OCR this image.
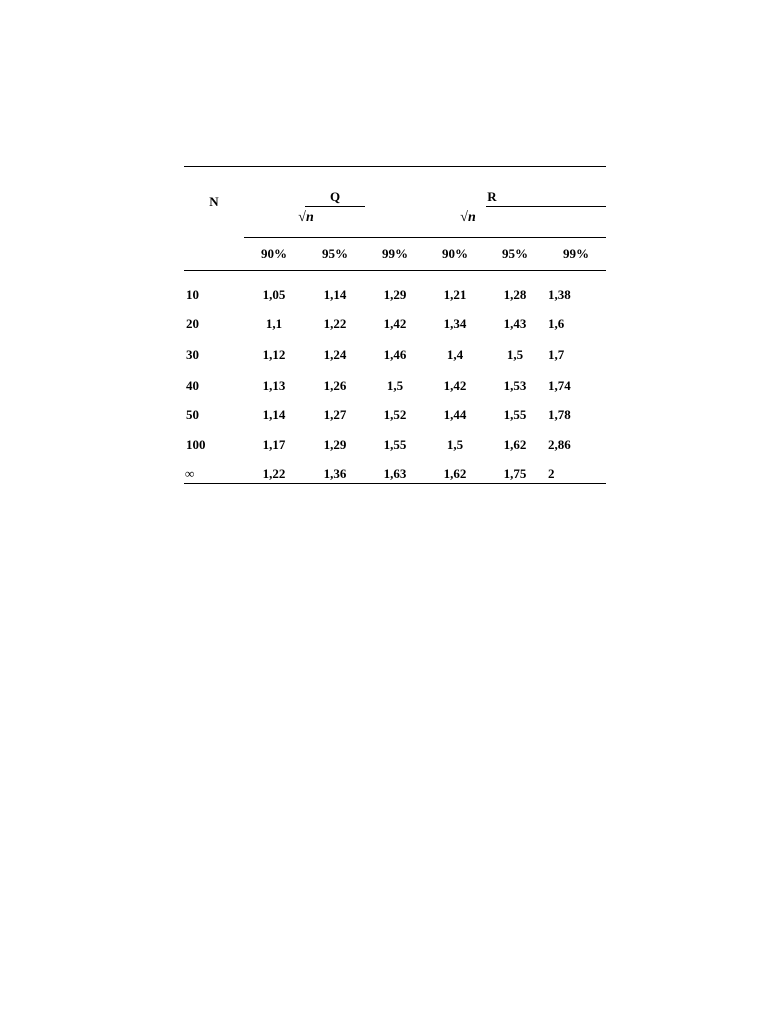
N	Q
√n
R
√n
90%	95%	99%	90%	95%	99%
10	1,05	1,14	1,29	1,21	1,28 1,38
20	1,1	1,22	1,42	1,34	1,43 1,6
30	1,12	1,24	1,46	1,4	1,5 1,7
40	1,13	1,26	1,5	1,42	1,53 1,74
50	1,14	1,27	1,52	1,44	1,55 1,78
100	1,17	1,29	1,55	1,5	1,62 2,86
∞	1,22	1,36	1,63	1,62	1,75 2
